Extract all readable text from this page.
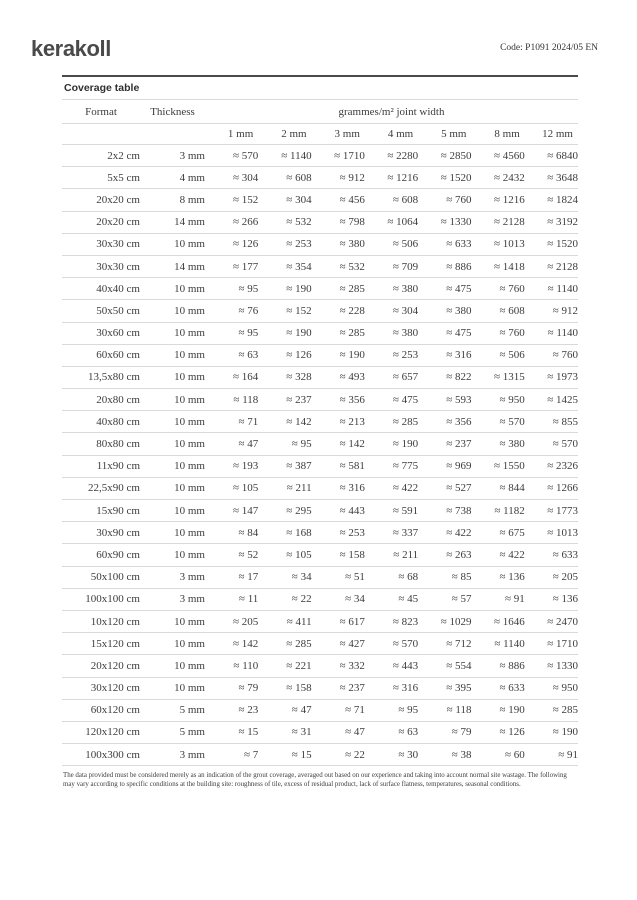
kerakoll	Code: P1091 2024/05 EN
Coverage table
Format	Thickness	grammes/m² joint width						
		1 mm	2 mm	3 mm	4 mm	5 mm	8 mm	12 mm
2x2 cm	3 mm	≈ 570	≈ 1140	≈ 1710	≈ 2280	≈ 2850	≈ 4560	≈ 6840
5x5 cm	4 mm	≈ 304	≈ 608	≈ 912	≈ 1216	≈ 1520	≈ 2432	≈ 3648
20x20 cm	8 mm	≈ 152	≈ 304	≈ 456	≈ 608	≈ 760	≈ 1216	≈ 1824
20x20 cm	14 mm	≈ 266	≈ 532	≈ 798	≈ 1064	≈ 1330	≈ 2128	≈ 3192
30x30 cm	10 mm	≈ 126	≈ 253	≈ 380	≈ 506	≈ 633	≈ 1013	≈ 1520
30x30 cm	14 mm	≈ 177	≈ 354	≈ 532	≈ 709	≈ 886	≈ 1418	≈ 2128
40x40 cm	10 mm	≈ 95	≈ 190	≈ 285	≈ 380	≈ 475	≈ 760	≈ 1140
50x50 cm	10 mm	≈ 76	≈ 152	≈ 228	≈ 304	≈ 380	≈ 608	≈ 912
30x60 cm	10 mm	≈ 95	≈ 190	≈ 285	≈ 380	≈ 475	≈ 760	≈ 1140
60x60 cm	10 mm	≈ 63	≈ 126	≈ 190	≈ 253	≈ 316	≈ 506	≈ 760
13,5x80 cm	10 mm	≈ 164	≈ 328	≈ 493	≈ 657	≈ 822	≈ 1315	≈ 1973
20x80 cm	10 mm	≈ 118	≈ 237	≈ 356	≈ 475	≈ 593	≈ 950	≈ 1425
40x80 cm	10 mm	≈ 71	≈ 142	≈ 213	≈ 285	≈ 356	≈ 570	≈ 855
80x80 cm	10 mm	≈ 47	≈ 95	≈ 142	≈ 190	≈ 237	≈ 380	≈ 570
11x90 cm	10 mm	≈ 193	≈ 387	≈ 581	≈ 775	≈ 969	≈ 1550	≈ 2326
22,5x90 cm	10 mm	≈ 105	≈ 211	≈ 316	≈ 422	≈ 527	≈ 844	≈ 1266
15x90 cm	10 mm	≈ 147	≈ 295	≈ 443	≈ 591	≈ 738	≈ 1182	≈ 1773
30x90 cm	10 mm	≈ 84	≈ 168	≈ 253	≈ 337	≈ 422	≈ 675	≈ 1013
60x90 cm	10 mm	≈ 52	≈ 105	≈ 158	≈ 211	≈ 263	≈ 422	≈ 633
50x100 cm	3 mm	≈ 17	≈ 34	≈ 51	≈ 68	≈ 85	≈ 136	≈ 205
100x100 cm	3 mm	≈ 11	≈ 22	≈ 34	≈ 45	≈ 57	≈ 91	≈ 136
10x120 cm	10 mm	≈ 205	≈ 411	≈ 617	≈ 823	≈ 1029	≈ 1646	≈ 2470
15x120 cm	10 mm	≈ 142	≈ 285	≈ 427	≈ 570	≈ 712	≈ 1140	≈ 1710
20x120 cm	10 mm	≈ 110	≈ 221	≈ 332	≈ 443	≈ 554	≈ 886	≈ 1330
30x120 cm	10 mm	≈ 79	≈ 158	≈ 237	≈ 316	≈ 395	≈ 633	≈ 950
60x120 cm	5 mm	≈ 23	≈ 47	≈ 71	≈ 95	≈ 118	≈ 190	≈ 285
120x120 cm	5 mm	≈ 15	≈ 31	≈ 47	≈ 63	≈ 79	≈ 126	≈ 190
100x300 cm	3 mm	≈ 7	≈ 15	≈ 22	≈ 30	≈ 38	≈ 60	≈ 91
The data provided must be considered merely as an indication of the grout coverage, averaged out based on our experience and taking into account normal site wastage. The following may vary according to specific conditions at the building site: roughness of tile, excess of residual product, lack of surface flatness, temperatures, seasonal conditions.
